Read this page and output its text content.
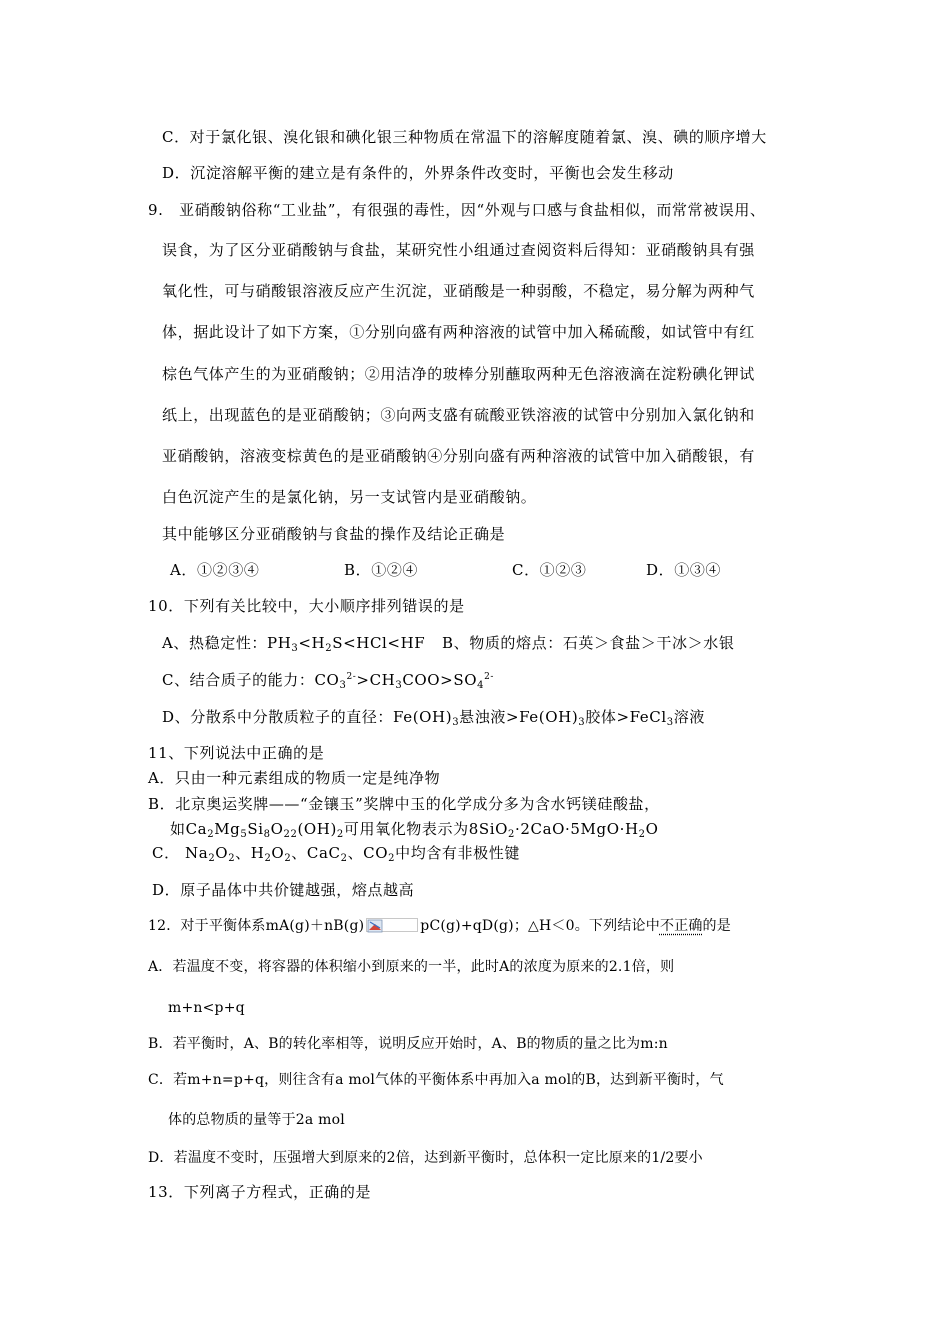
C．对于氯化银、溴化银和碘化银三种物质在常温下的溶解度随着氯、溴、碘的顺序增大
D．沉淀溶解平衡的建立是有条件的，外界条件改变时，平衡也会发生移动
9.　亚硝酸钠俗称“工业盐”，有很强的毒性，因“外观与口感与食盐相似，而常常被误用、
误食，为了区分亚硝酸钠与食盐，某研究性小组通过查阅资料后得知：亚硝酸钠具有强
氧化性，可与硝酸银溶液反应产生沉淀，亚硝酸是一种弱酸，不稳定，易分解为两种气
体，据此设计了如下方案，①分别向盛有两种溶液的试管中加入稀硫酸，如试管中有红
棕色气体产生的为亚硝酸钠；②用洁净的玻棒分别蘸取两种无色溶液滴在淀粉碘化钾试
纸上，出现蓝色的是亚硝酸钠；③向两支盛有硫酸亚铁溶液的试管中分别加入氯化钠和
亚硝酸钠，溶液变棕黄色的是亚硝酸钠④分别向盛有两种溶液的试管中加入硝酸银，有
白色沉淀产生的是氯化钠，另一支试管内是亚硝酸钠。
其中能够区分亚硝酸钠与食盐的操作及结论正确是
A．①②③④	B．①②④	C．①②③	D．①③④
10．下列有关比较中，大小顺序排列错误的是
A、热稳定性：$PH_3<H_2S<HCl<HF$ B、物质的熔点：石英＞食盐＞干冰＞水银
C、结合质子的能力：$CO_3^{2-}>CH_3COO>SO_4^{2-}$
D、分散系中分散质粒子的直径：$Fe(OH)_3$悬浊液$>Fe(OH)_3$胶体>FeCl$_3$溶液
11、下列说法中正确的是
A．只由一种元素组成的物质一定是纯净物
B．北京奥运奖牌——“金镶玉”奖牌中玉的化学成分多为含水钙镁硅酸盐，
如$Ca_2Mg_5Si_8O_{22}(OH)_2$可用氧化物表示为$8SiO_2\cdot 2CaO\cdot 5MgO\cdot H_2O$
C． $Na_2O_2$、$H_2O_2$、CaC$_2$、$CO_2$中均含有非极性键
D．原子晶体中共价键越强，熔点越高
12．对于平衡体系mA(g)＋nB(g)	pC(g)+qD(g)；△H＜0。下列结论中不正确的是
A．若温度不变，将容器的体积缩小到原来的一半，此时A的浓度为原来的2.1倍，则
m+n<p+q
B．若平衡时，A、B的转化率相等，说明反应开始时，A、B的物质的量之比为m:n
C．若m+n=p+q，则往含有a mol气体的平衡体系中再加入a mol的B，达到新平衡时，气
体的总物质的量等于2a mol
D．若温度不变时，压强增大到原来的2倍，达到新平衡时，总体积一定比原来的1/2要小
13．下列离子方程式，正确的是
